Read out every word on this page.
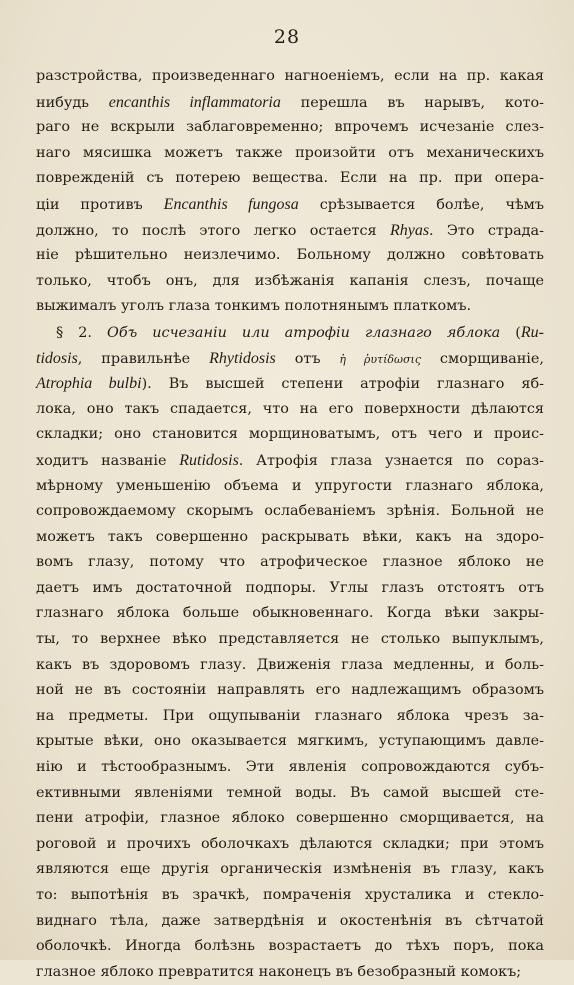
28
разстройства, произведеннаго нагноенiемъ, если на пр. какая
нибудь encanthis inflammatoria перешла въ нарывъ, кото-
раго не вскрыли заблаговременно; впрочемъ исчезанiе слез-
наго мясишка можетъ также произойти отъ механическихъ
поврежденiй съ потерею вещества. Если на пр. при опера-
цiи противъ Encanthis fungosa срѣзывается болѣе, чѣмъ
должно, то послѣ этого легко остается Rhyas. Это страда-
нiе рѣшительно неизлечимо. Больному должно совѣтовать
только, чтобъ онъ, для избѣжанiя капанiя слезъ, почаще
выжималъ уголъ глаза тонкимъ полотнянымъ платкомъ.
§ 2. Объ исчезанiи или атрофiи глазнаго яблока (Ru-
tidosis, правильнѣе Rhytidosis отъ ἡ ῥυτίδωσις сморщиванiе,
Atrophia bulbi). Въ высшей степени атрофiи глазнаго яб-
лока, оно такъ спадается, что на его поверхности дѣлаются
складки; оно становится морщиноватымъ, отъ чего и проис-
ходитъ названiе Rutidosis. Атрофiя глаза узнается по сораз-
мѣрному уменьшенiю объема и упругости глазнаго яблока,
сопровождаемому скорымъ ослабеванiемъ зрѣнiя. Больной не
можетъ такъ совершенно раскрывать вѣки, какъ на здоро-
вомъ глазу, потому что атрофическое глазное яблоко не
даетъ имъ достаточной подпоры. Углы глазъ отстоятъ отъ
глазнаго яблока больше обыкновеннаго. Когда вѣки закры-
ты, то верхнее вѣко представляется не столько выпуклымъ,
какъ въ здоровомъ глазу. Движенiя глаза медленны, и боль-
ной не въ состоянiи направлять его надлежащимъ образомъ
на предметы. При ощупыванiи глазнаго яблока чрезъ за-
крытые вѣки, оно оказывается мягкимъ, уступающимъ давле-
нiю и тѣстообразнымъ. Эти явленiя сопровождаются субъ-
ективными явленiями темной воды. Въ самой высшей сте-
пени атрофiи, глазное яблоко совершенно сморщивается, на
роговой и прочихъ оболочкахъ дѣлаются складки; при этомъ
являются еще другiя органическiя измѣненiя въ глазу, какъ
то: выпотѣнiя въ зрачкѣ, помраченiя хрусталика и стекло-
виднаго тѣла, даже затвердѣнiя и окостенѣнiя въ сѣтчатой
оболочкѣ. Иногда болѣзнь возрастаетъ до тѣхъ поръ, пока
глазное яблоко превратится наконецъ въ безобразный комокъ;
